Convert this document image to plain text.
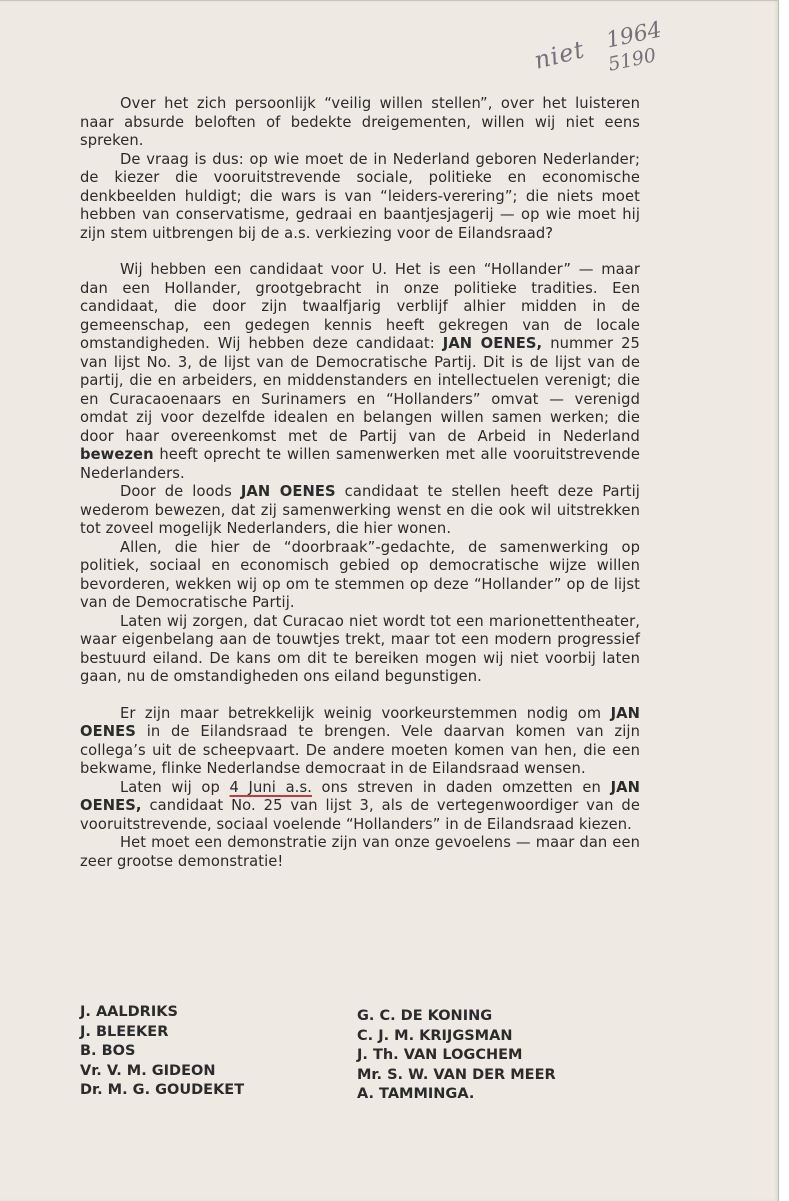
niet 1964
5190

Over het zich persoonlijk “veilig willen stellen”, over het luisteren naar absurde beloften of bedekte dreigementen, willen wij niet eens spreken.

De vraag is dus: op wie moet de in Nederland geboren Nederlander; de kiezer die vooruitstrevende sociale, politieke en economische denkbeelden huldigt; die wars is van “leiders-verering”; die niets moet hebben van conservatisme, gedraai en baantjesjagerij — op wie moet hij zijn stem uitbrengen bij de a.s. verkiezing voor de Eilandsraad?

Wij hebben een candidaat voor U. Het is een “Hollander” — maar dan een Hollander, grootgebracht in onze politieke tradities. Een candidaat, die door zijn twaalfjarig verblijf alhier midden in de gemeenschap, een gedegen kennis heeft gekregen van de locale omstandigheden. Wij hebben deze candidaat: JAN OENES, nummer 25 van lijst No. 3, de lijst van de Democratische Partij. Dit is de lijst van de partij, die en arbeiders, en middenstanders en intellectuelen verenigt; die en Curacaoenaars en Surinamers en “Hollanders” omvat — verenigd omdat zij voor dezelfde idealen en belangen willen samen werken; die door haar overeenkomst met de Partij van de Arbeid in Nederland bewezen heeft oprecht te willen samenwerken met alle vooruitstrevende Nederlanders.

Door de loods JAN OENES candidaat te stellen heeft deze Partij wederom bewezen, dat zij samenwerking wenst en die ook wil uitstrekken tot zoveel mogelijk Nederlanders, die hier wonen.

Allen, die hier de “doorbraak”-gedachte, de samenwerking op politiek, sociaal en economisch gebied op democratische wijze willen bevorderen, wekken wij op om te stemmen op deze “Hollander” op de lijst van de Democratische Partij.

Laten wij zorgen, dat Curacao niet wordt tot een marionettentheater, waar eigenbelang aan de touwtjes trekt, maar tot een modern progressief bestuurd eiland. De kans om dit te bereiken mogen wij niet voorbij laten gaan, nu de omstandigheden ons eiland begunstigen.

Er zijn maar betrekkelijk weinig voorkeurstemmen nodig om JAN OENES in de Eilandsraad te brengen. Vele daarvan komen van zijn collega’s uit de scheepvaart. De andere moeten komen van hen, die een bekwame, flinke Nederlandse democraat in de Eilandsraad wensen.

Laten wij op 4 Juni a.s. ons streven in daden omzetten en JAN OENES, candidaat No. 25 van lijst 3, als de vertegenwoordiger van de vooruitstrevende, sociaal voelende “Hollanders” in de Eilandsraad kiezen.

Het moet een demonstratie zijn van onze gevoelens — maar dan een zeer grootse demonstratie!

J. AALDRIKS
J. BLEEKER
B. BOS
Vr. V. M. GIDEON
Dr. M. G. GOUDEKET
G. C. DE KONING
C. J. M. KRIJGSMAN
J. Th. VAN LOGCHEM
Mr. S. W. VAN DER MEER
A. TAMMINGA.
